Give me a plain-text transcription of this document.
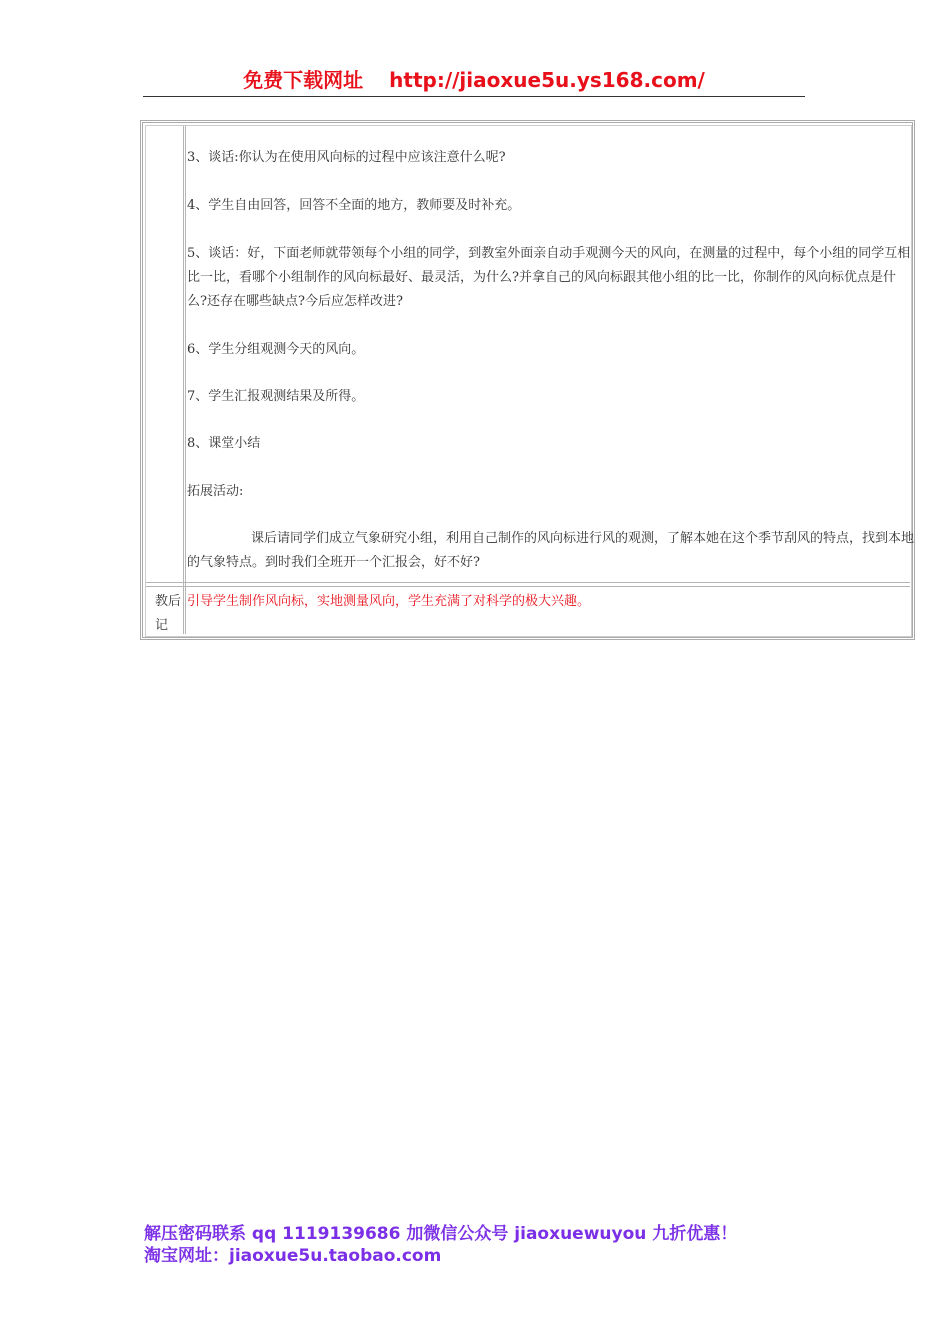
免费下载网址 http://jiaoxue5u.ys168.com/
3、谈话:你认为在使用风向标的过程中应该注意什么呢?
4、学生自由回答，回答不全面的地方，教师要及时补充。
5、谈话：好，下面老师就带领每个小组的同学，到教室外面亲自动手观测今天的风向，在测量的过程中，每个小组的同学互相比一比，看哪个小组制作的风向标最好、最灵活，为什么?并拿自己的风向标跟其他小组的比一比，你制作的风向标优点是什么?还存在哪些缺点?今后应怎样改进?
6、学生分组观测今天的风向。
7、学生汇报观测结果及所得。
8、课堂小结
拓展活动:
课后请同学们成立气象研究小组，利用自己制作的风向标进行风的观测，了解本她在这个季节刮风的特点，找到本地的气象特点。到时我们全班开一个汇报会，好不好?
教后记
引导学生制作风向标，实地测量风向，学生充满了对科学的极大兴趣。
解压密码联系 qq 1119139686 加微信公众号 jiaoxuewuyou 九折优惠！
淘宝网址：jiaoxue5u.taobao.com
